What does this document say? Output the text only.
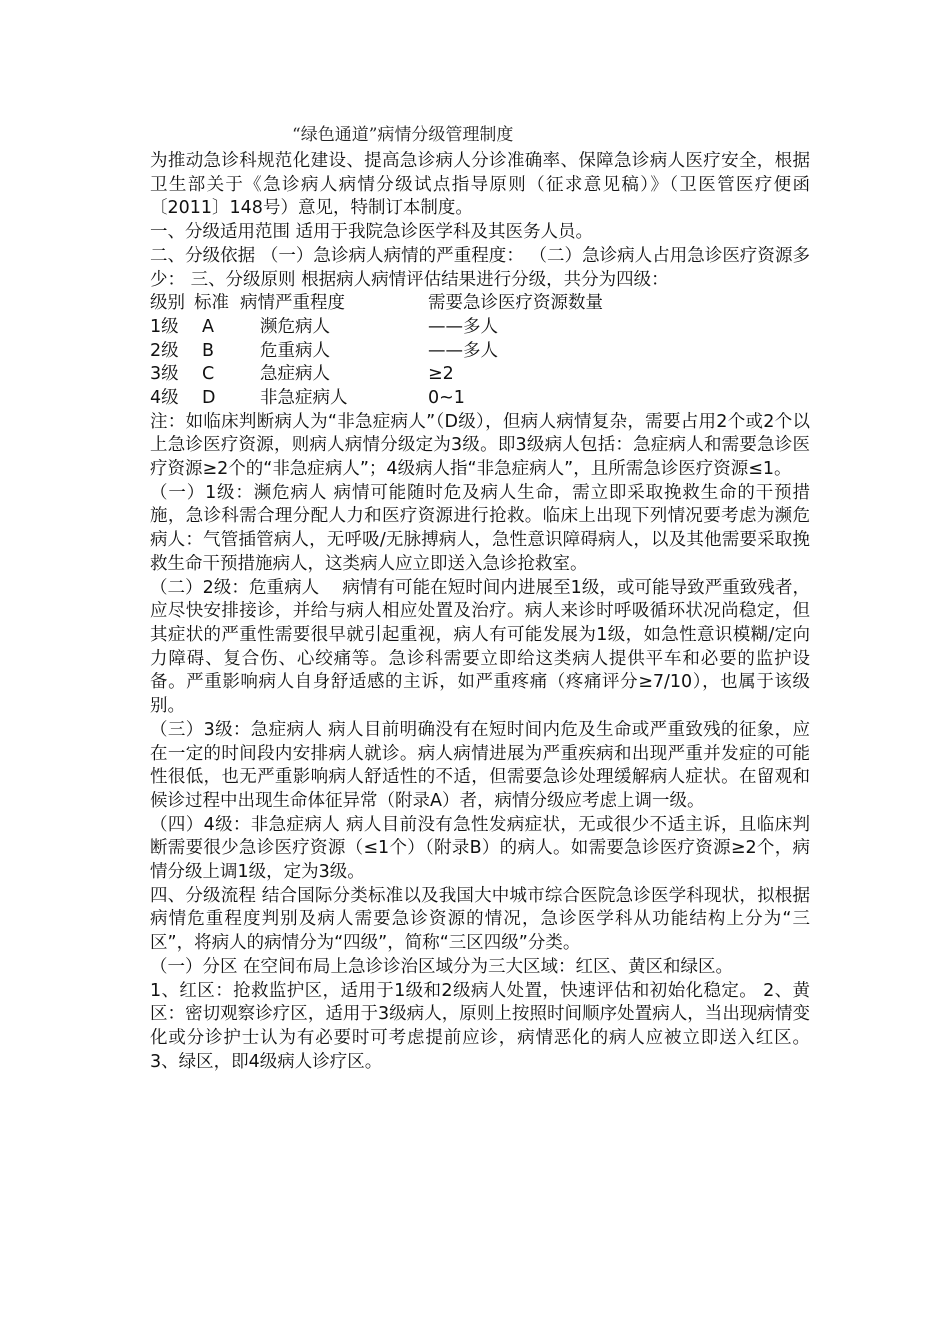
“绿色通道”病情分级管理制度

为推动急诊科规范化建设、提高急诊病人分诊准确率、保障急诊病人医疗安全，根据卫生部关于《急诊病人病情分级试点指导原则（征求意见稿）》（卫医管医疗便函〔2011〕148号）意见，特制订本制度。

一、分级适用范围 适用于我院急诊医学科及其医务人员。

二、分级依据 （一）急诊病人病情的严重程度： （二）急诊病人占用急诊医疗资源多少： 三、分级原则 根据病人病情评估结果进行分级，共分为四级：

级别 标准 病情严重程度	需要急诊医疗资源数量
1级	A	濒危病人	——多人
2级	B	危重病人	——多人
3级	C	急症病人	≥2
4级	D	非急症病人	0~1

注：如临床判断病人为“非急症病人”（D级），但病人病情复杂，需要占用2个或2个以上急诊医疗资源，则病人病情分级定为3级。即3级病人包括：急症病人和需要急诊医疗资源≥2个的“非急症病人”；4级病人指“非急症病人”，且所需急诊医疗资源≤1。

（一）1级：濒危病人 病情可能随时危及病人生命，需立即采取挽救生命的干预措施，急诊科需合理分配人力和医疗资源进行抢救。临床上出现下列情况要考虑为濒危病人：气管插管病人，无呼吸/无脉搏病人，急性意识障碍病人，以及其他需要采取挽救生命干预措施病人，这类病人应立即送入急诊抢救室。

（二）2级：危重病人　 病情有可能在短时间内进展至1级，或可能导致严重致残者，应尽快安排接诊，并给与病人相应处置及治疗。病人来诊时呼吸循环状况尚稳定，但其症状的严重性需要很早就引起重视，病人有可能发展为1级，如急性意识模糊/定向力障碍、复合伤、心绞痛等。急诊科需要立即给这类病人提供平车和必要的监护设备。严重影响病人自身舒适感的主诉，如严重疼痛（疼痛评分≥7/10），也属于该级别。

（三）3级：急症病人 病人目前明确没有在短时间内危及生命或严重致残的征象，应在一定的时间段内安排病人就诊。病人病情进展为严重疾病和出现严重并发症的可能性很低，也无严重影响病人舒适性的不适，但需要急诊处理缓解病人症状。在留观和候诊过程中出现生命体征异常（附录A）者，病情分级应考虑上调一级。

（四）4级：非急症病人 病人目前没有急性发病症状，无或很少不适主诉，且临床判断需要很少急诊医疗资源（≤1个）（附录B）的病人。如需要急诊医疗资源≥2个，病情分级上调1级，定为3级。

四、分级流程 结合国际分类标准以及我国大中城市综合医院急诊医学科现状，拟根据病情危重程度判别及病人需要急诊资源的情况，急诊医学科从功能结构上分为“三区”，将病人的病情分为“四级”，简称“三区四级”分类。

（一）分区 在空间布局上急诊诊治区域分为三大区域：红区、黄区和绿区。

1、红区：抢救监护区，适用于1级和2级病人处置，快速评估和初始化稳定。 2、黄区：密切观察诊疗区，适用于3级病人，原则上按照时间顺序处置病人，当出现病情变化或分诊护士认为有必要时可考虑提前应诊，病情恶化的病人应被立即送入红区。 3、绿区，即4级病人诊疗区。
